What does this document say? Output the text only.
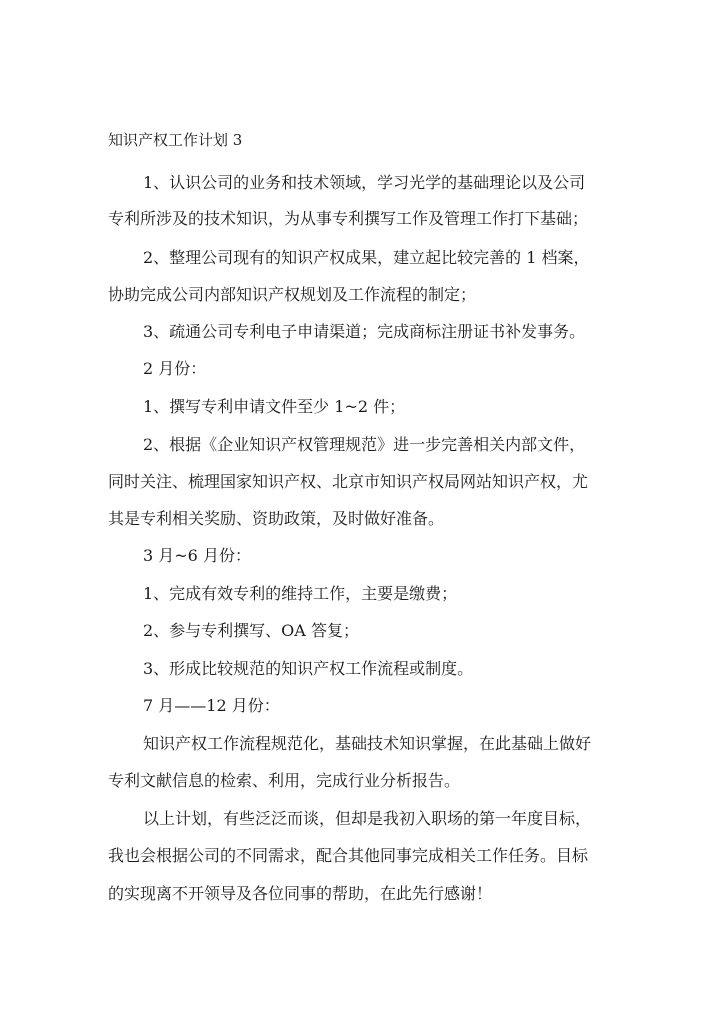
知识产权工作计划 3
1、认识公司的业务和技术领域，学习光学的基础理论以及公司
专利所涉及的技术知识，为从事专利撰写工作及管理工作打下基础；
2、整理公司现有的知识产权成果，建立起比较完善的 1 档案，
协助完成公司内部知识产权规划及工作流程的制定；
3、疏通公司专利电子申请渠道；完成商标注册证书补发事务。
2 月份：
1、撰写专利申请文件至少 1~2 件；
2、根据《企业知识产权管理规范》进一步完善相关内部文件，
同时关注、梳理国家知识产权、北京市知识产权局网站知识产权，尤
其是专利相关奖励、资助政策，及时做好准备。
3 月~6 月份：
1、完成有效专利的维持工作，主要是缴费；
2、参与专利撰写、OA 答复；
3、形成比较规范的知识产权工作流程或制度。
7 月——12 月份：
知识产权工作流程规范化，基础技术知识掌握，在此基础上做好
专利文献信息的检索、利用，完成行业分析报告。
以上计划，有些泛泛而谈，但却是我初入职场的第一年度目标，
我也会根据公司的不同需求，配合其他同事完成相关工作任务。目标
的实现离不开领导及各位同事的帮助，在此先行感谢！
